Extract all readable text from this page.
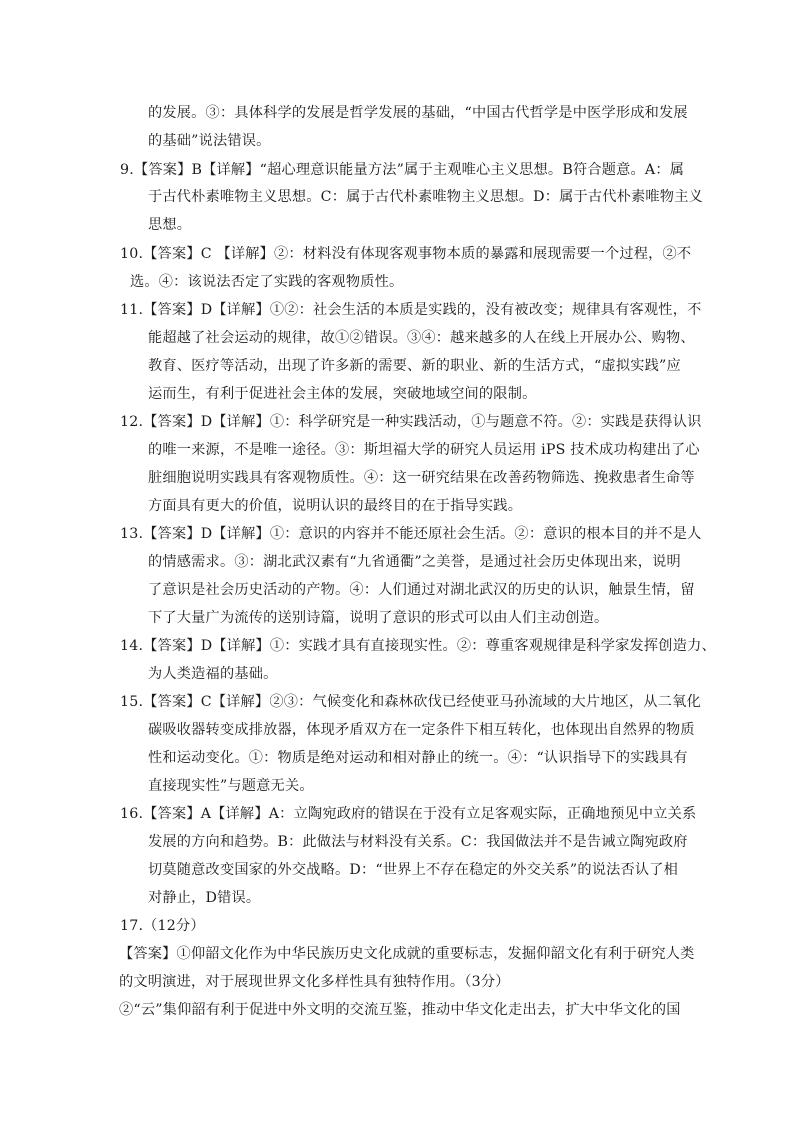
的发展。③：具体科学的发展是哲学发展的基础，“中国古代哲学是中医学形成和发展
的基础”说法错误。
9.【答案】B【详解】“超心理意识能量方法”属于主观唯心主义思想。B符合题意。A：属
于古代朴素唯物主义思想。C：属于古代朴素唯物主义思想。D：属于古代朴素唯物主义
思想。
10.【答案】C 【详解】②：材料没有体现客观事物本质的暴露和展现需要一个过程，②不
选。④：该说法否定了实践的客观物质性。
11.【答案】D【详解】①②：社会生活的本质是实践的，没有被改变；规律具有客观性，不
能超越了社会运动的规律，故①②错误。③④：越来越多的人在线上开展办公、购物、
教育、医疗等活动，出现了许多新的需要、新的职业、新的生活方式，“虚拟实践”应
运而生，有利于促进社会主体的发展，突破地域空间的限制。
12.【答案】D【详解】①：科学研究是一种实践活动，①与题意不符。②：实践是获得认识
的唯一来源，不是唯一途径。③：斯坦福大学的研究人员运用 iPS 技术成功构建出了心
脏细胞说明实践具有客观物质性。④：这一研究结果在改善药物筛选、挽救患者生命等
方面具有更大的价值，说明认识的最终目的在于指导实践。
13.【答案】D【详解】①：意识的内容并不能还原社会生活。②：意识的根本目的并不是人
的情感需求。③：湖北武汉素有“九省通衢”之美誉，是通过社会历史体现出来，说明
了意识是社会历史活动的产物。④：人们通过对湖北武汉的历史的认识，触景生情，留
下了大量广为流传的送别诗篇，说明了意识的形式可以由人们主动创造。
14.【答案】D【详解】①：实践才具有直接现实性。②：尊重客观规律是科学家发挥创造力、
为人类造福的基础。
15.【答案】C【详解】②③：气候变化和森林砍伐已经使亚马孙流域的大片地区，从二氧化
碳吸收器转变成排放器，体现矛盾双方在一定条件下相互转化，也体现出自然界的物质
性和运动变化。①：物质是绝对运动和相对静止的统一。④：“认识指导下的实践具有
直接现实性”与题意无关。
16.【答案】A【详解】A：立陶宛政府的错误在于没有立足客观实际，正确地预见中立关系
发展的方向和趋势。B：此做法与材料没有关系。C：我国做法并不是告诫立陶宛政府
切莫随意改变国家的外交战略。D：“世界上不存在稳定的外交关系”的说法否认了相
对静止，D错误。
17.（12分）
【答案】①仰韶文化作为中华民族历史文化成就的重要标志，发掘仰韶文化有利于研究人类
的文明演进，对于展现世界文化多样性具有独特作用。（3分）
②“云”集仰韶有利于促进中外文明的交流互鉴，推动中华文化走出去，扩大中华文化的国
